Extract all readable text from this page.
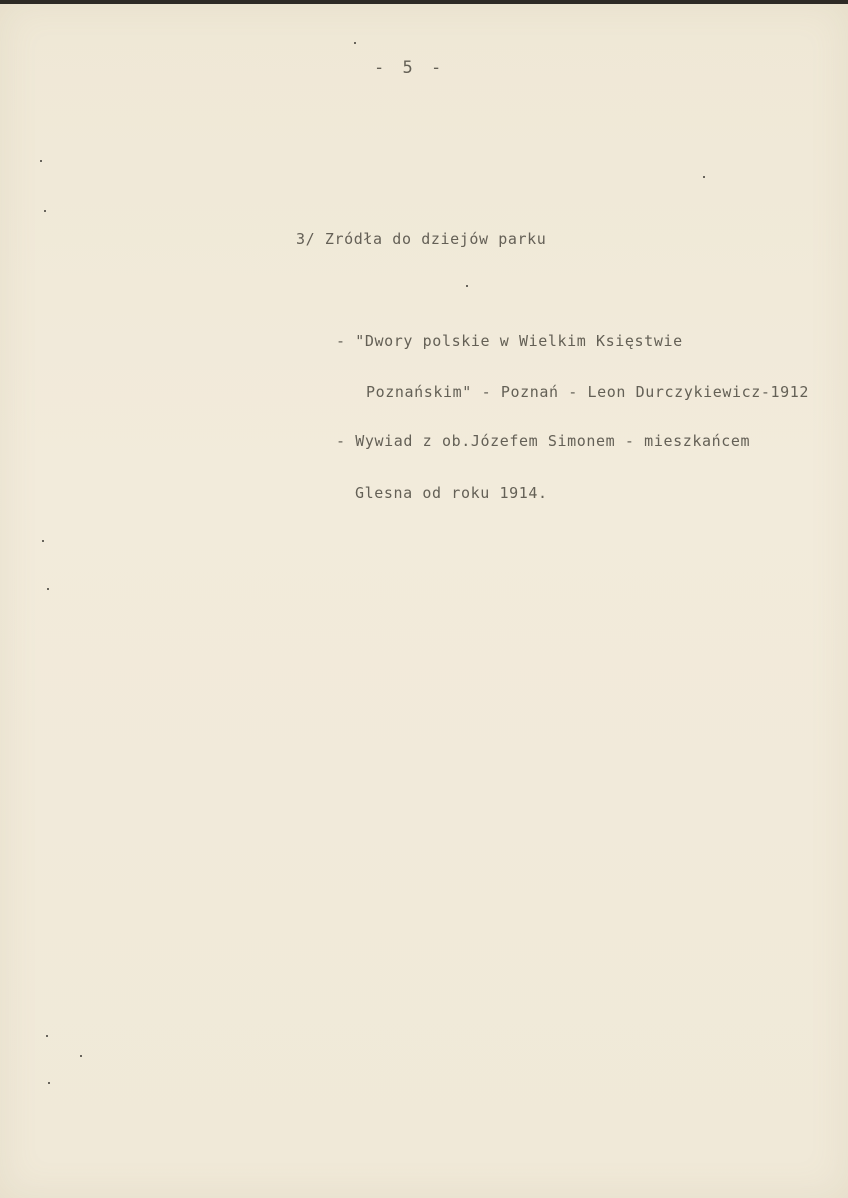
- 5 -
3/ Zródła do dziejów parku
- "Dwory polskie w Wielkim Księstwie
Poznańskim" - Poznań - Leon Durczykiewicz-1912
- Wywiad z ob.Józefem Simonem - mieszkańcem
Glesna od roku 1914.
